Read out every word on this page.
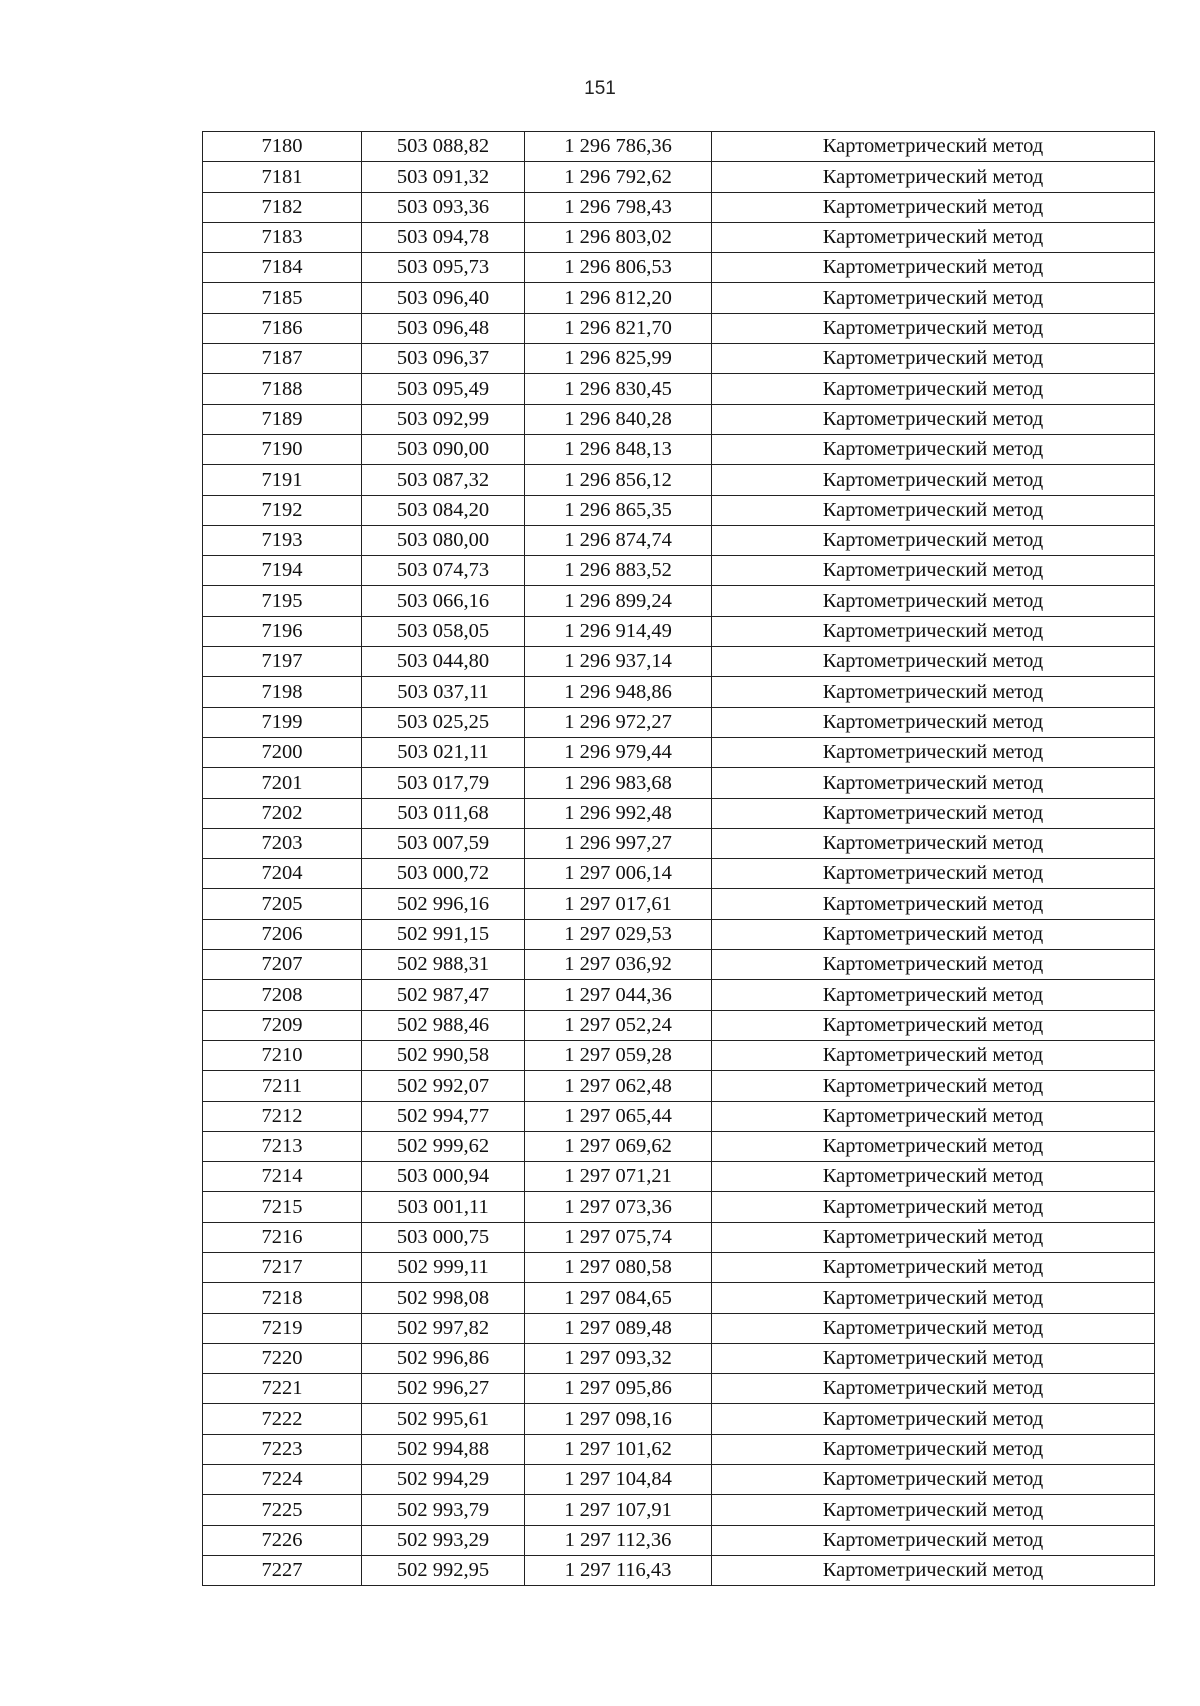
151
7180	503 088,82	1 296 786,36	Картометрический метод
7181	503 091,32	1 296 792,62	Картометрический метод
7182	503 093,36	1 296 798,43	Картометрический метод
7183	503 094,78	1 296 803,02	Картометрический метод
7184	503 095,73	1 296 806,53	Картометрический метод
7185	503 096,40	1 296 812,20	Картометрический метод
7186	503 096,48	1 296 821,70	Картометрический метод
7187	503 096,37	1 296 825,99	Картометрический метод
7188	503 095,49	1 296 830,45	Картометрический метод
7189	503 092,99	1 296 840,28	Картометрический метод
7190	503 090,00	1 296 848,13	Картометрический метод
7191	503 087,32	1 296 856,12	Картометрический метод
7192	503 084,20	1 296 865,35	Картометрический метод
7193	503 080,00	1 296 874,74	Картометрический метод
7194	503 074,73	1 296 883,52	Картометрический метод
7195	503 066,16	1 296 899,24	Картометрический метод
7196	503 058,05	1 296 914,49	Картометрический метод
7197	503 044,80	1 296 937,14	Картометрический метод
7198	503 037,11	1 296 948,86	Картометрический метод
7199	503 025,25	1 296 972,27	Картометрический метод
7200	503 021,11	1 296 979,44	Картометрический метод
7201	503 017,79	1 296 983,68	Картометрический метод
7202	503 011,68	1 296 992,48	Картометрический метод
7203	503 007,59	1 296 997,27	Картометрический метод
7204	503 000,72	1 297 006,14	Картометрический метод
7205	502 996,16	1 297 017,61	Картометрический метод
7206	502 991,15	1 297 029,53	Картометрический метод
7207	502 988,31	1 297 036,92	Картометрический метод
7208	502 987,47	1 297 044,36	Картометрический метод
7209	502 988,46	1 297 052,24	Картометрический метод
7210	502 990,58	1 297 059,28	Картометрический метод
7211	502 992,07	1 297 062,48	Картометрический метод
7212	502 994,77	1 297 065,44	Картометрический метод
7213	502 999,62	1 297 069,62	Картометрический метод
7214	503 000,94	1 297 071,21	Картометрический метод
7215	503 001,11	1 297 073,36	Картометрический метод
7216	503 000,75	1 297 075,74	Картометрический метод
7217	502 999,11	1 297 080,58	Картометрический метод
7218	502 998,08	1 297 084,65	Картометрический метод
7219	502 997,82	1 297 089,48	Картометрический метод
7220	502 996,86	1 297 093,32	Картометрический метод
7221	502 996,27	1 297 095,86	Картометрический метод
7222	502 995,61	1 297 098,16	Картометрический метод
7223	502 994,88	1 297 101,62	Картометрический метод
7224	502 994,29	1 297 104,84	Картометрический метод
7225	502 993,79	1 297 107,91	Картометрический метод
7226	502 993,29	1 297 112,36	Картометрический метод
7227	502 992,95	1 297 116,43	Картометрический метод
